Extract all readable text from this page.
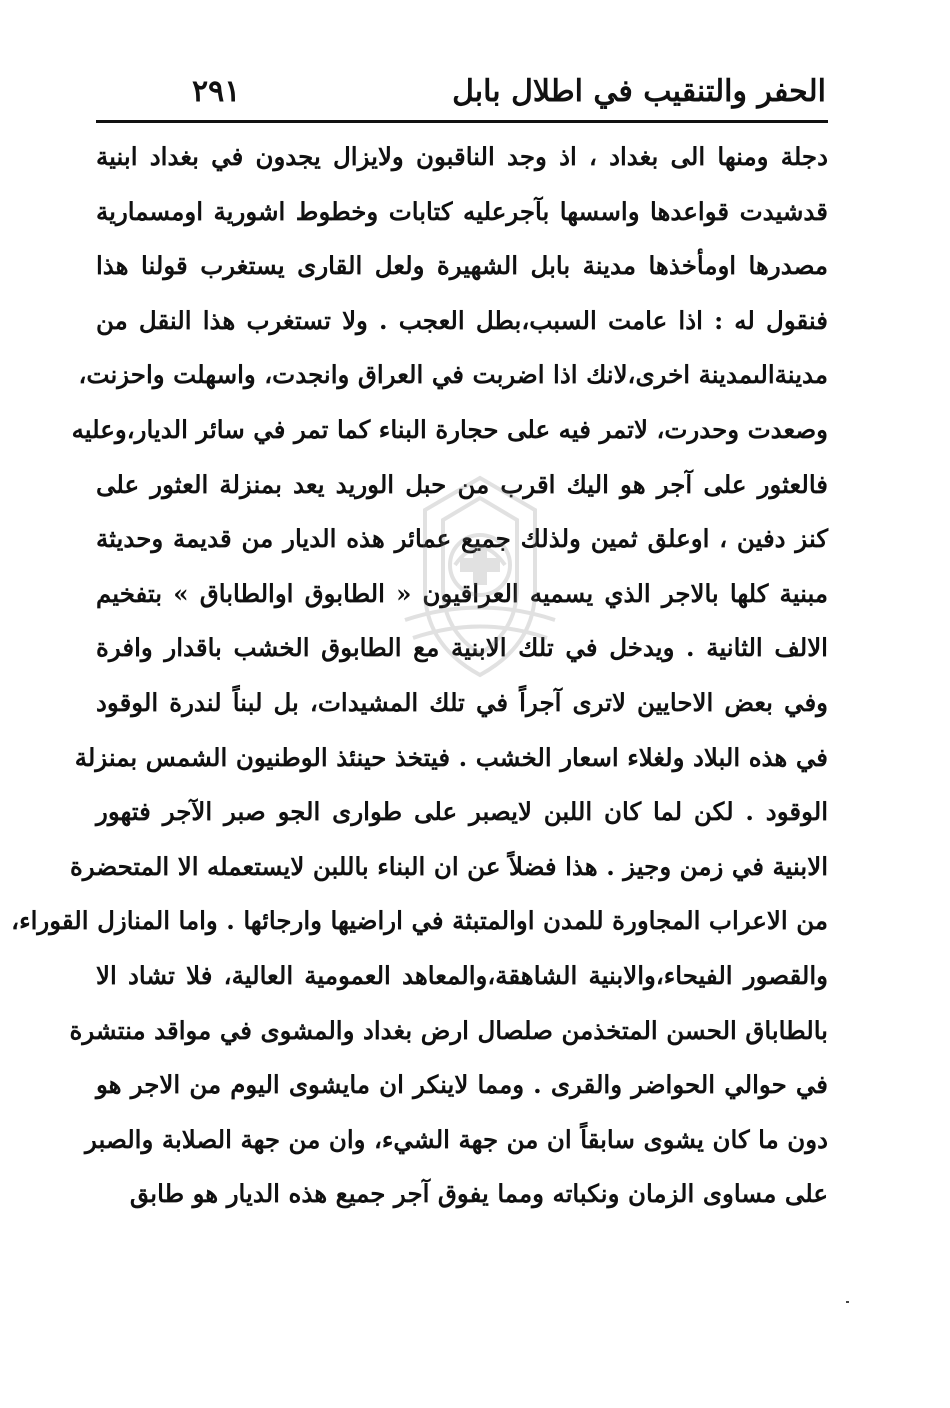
الحفر والتنقيب في اطلال بابل
٢٩١
دجلة ومنها الى بغداد ، اذ وجد الناقبون ولايزال يجدون في بغداد ابنية
قدشيدت قواعدها واسسها بآجرعليه كتابات وخطوط اشورية اومسمارية
مصدرها اومأخذها مدينة بابل الشهيرة ولعل القارى يستغرب قولنا هذا
فنقول له : اذا عامت السبب،بطل العجب . ولا تستغرب هذا النقل من
مدينةالىمدينة اخرى،لانك اذا اضربت في العراق وانجدت، واسهلت واحزنت،
وصعدت وحدرت، لاتمر فيه على حجارة البناء كما تمر في سائر الديار،وعليه
فالعثور على آجر هو اليك اقرب من حبل الوريد يعد بمنزلة العثور على
كنز دفين ، اوعلق ثمين ولذلك جميع عمائر هذه الديار من قديمة وحديثة
مبنية كلها بالاجر الذي يسميه العراقيون « الطابوق اوالطاباق » بتفخيم
الالف الثانية . ويدخل في تلك الابنية مع الطابوق الخشب باقدار وافرة
وفي بعض الاحايين لاترى آجراً في تلك المشيدات، بل لبناً لندرة الوقود
في هذه البلاد ولغلاء اسعار الخشب . فيتخذ حينئذ الوطنيون الشمس بمنزلة
الوقود . لكن لما كان اللبن لايصبر على طوارى الجو صبر الآجر فتهور
الابنية في زمن وجيز . هذا فضلاً عن ان البناء باللبن لايستعمله الا المتحضرة
من الاعراب المجاورة للمدن اوالمتبثة في اراضيها وارجائها . واما المنازل القوراء،
والقصور الفيحاء،والابنية الشاهقة،والمعاهد العمومية العالية، فلا تشاد الا
بالطاباق الحسن المتخذمن صلصال ارض بغداد والمشوى في مواقد منتشرة
في حوالي الحواضر والقرى . ومما لاينكر ان مايشوى اليوم من الاجر هو
دون ما كان يشوى سابقاً ان من جهة الشيء، وان من جهة الصلابة والصبر
على مساوى الزمان ونكباته ومما يفوق آجر جميع هذه الديار هو طابق
